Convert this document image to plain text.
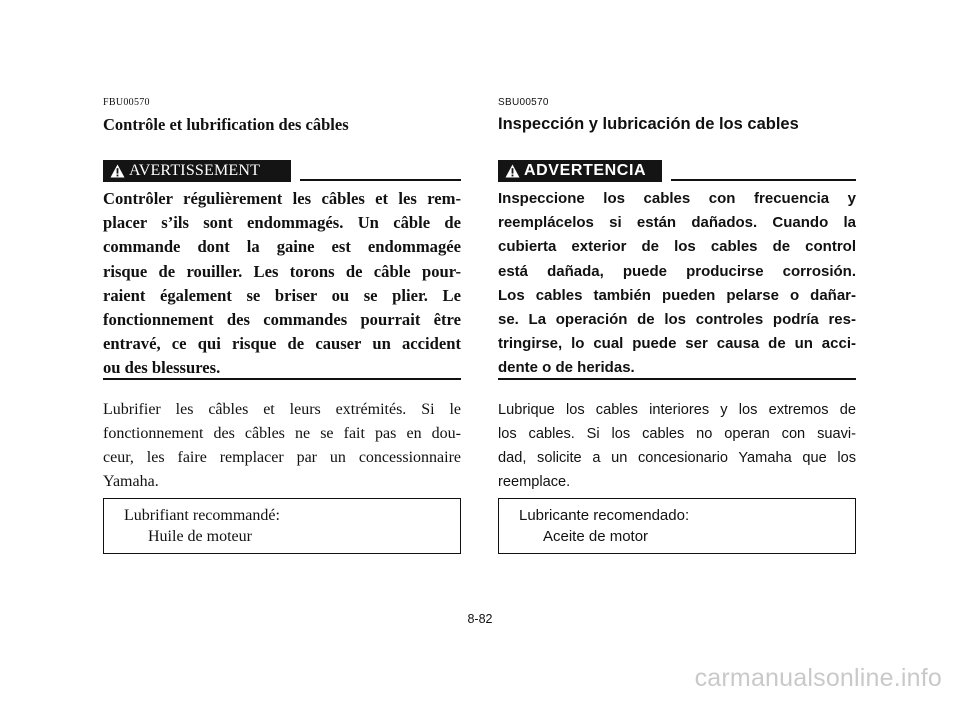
FBU00570
Contrôle et lubrification des câbles
AVERTISSEMENT
Contrôler régulièrement les câbles et les rem-
placer s’ils sont endommagés. Un câble de
commande dont la gaine est endommagée
risque de rouiller. Les torons de câble pour-
raient également se briser ou se plier. Le
fonctionnement des commandes pourrait être
entravé, ce qui risque de causer un accident
ou des blessures.
Lubrifier les câbles et leurs extrémités. Si le
fonctionnement des câbles ne se fait pas en dou-
ceur, les faire remplacer par un concessionnaire
Yamaha.
Lubrifiant recommandé:
Huile de moteur
SBU00570
Inspección y lubricación de los cables
ADVERTENCIA
Inspeccione los cables con frecuencia y
reemplácelos si están dañados. Cuando la
cubierta exterior de los cables de control
está dañada, puede producirse corrosión.
Los cables también pueden pelarse o dañar-
se. La operación de los controles podría res-
tringirse, lo cual puede ser causa de un acci-
dente o de heridas.
Lubrique los cables interiores y los extremos de
los cables. Si los cables no operan con suavi-
dad, solicite a un concesionario Yamaha que los
reemplace.
Lubricante recomendado:
Aceite de motor
8-82
carmanualsonline.info
